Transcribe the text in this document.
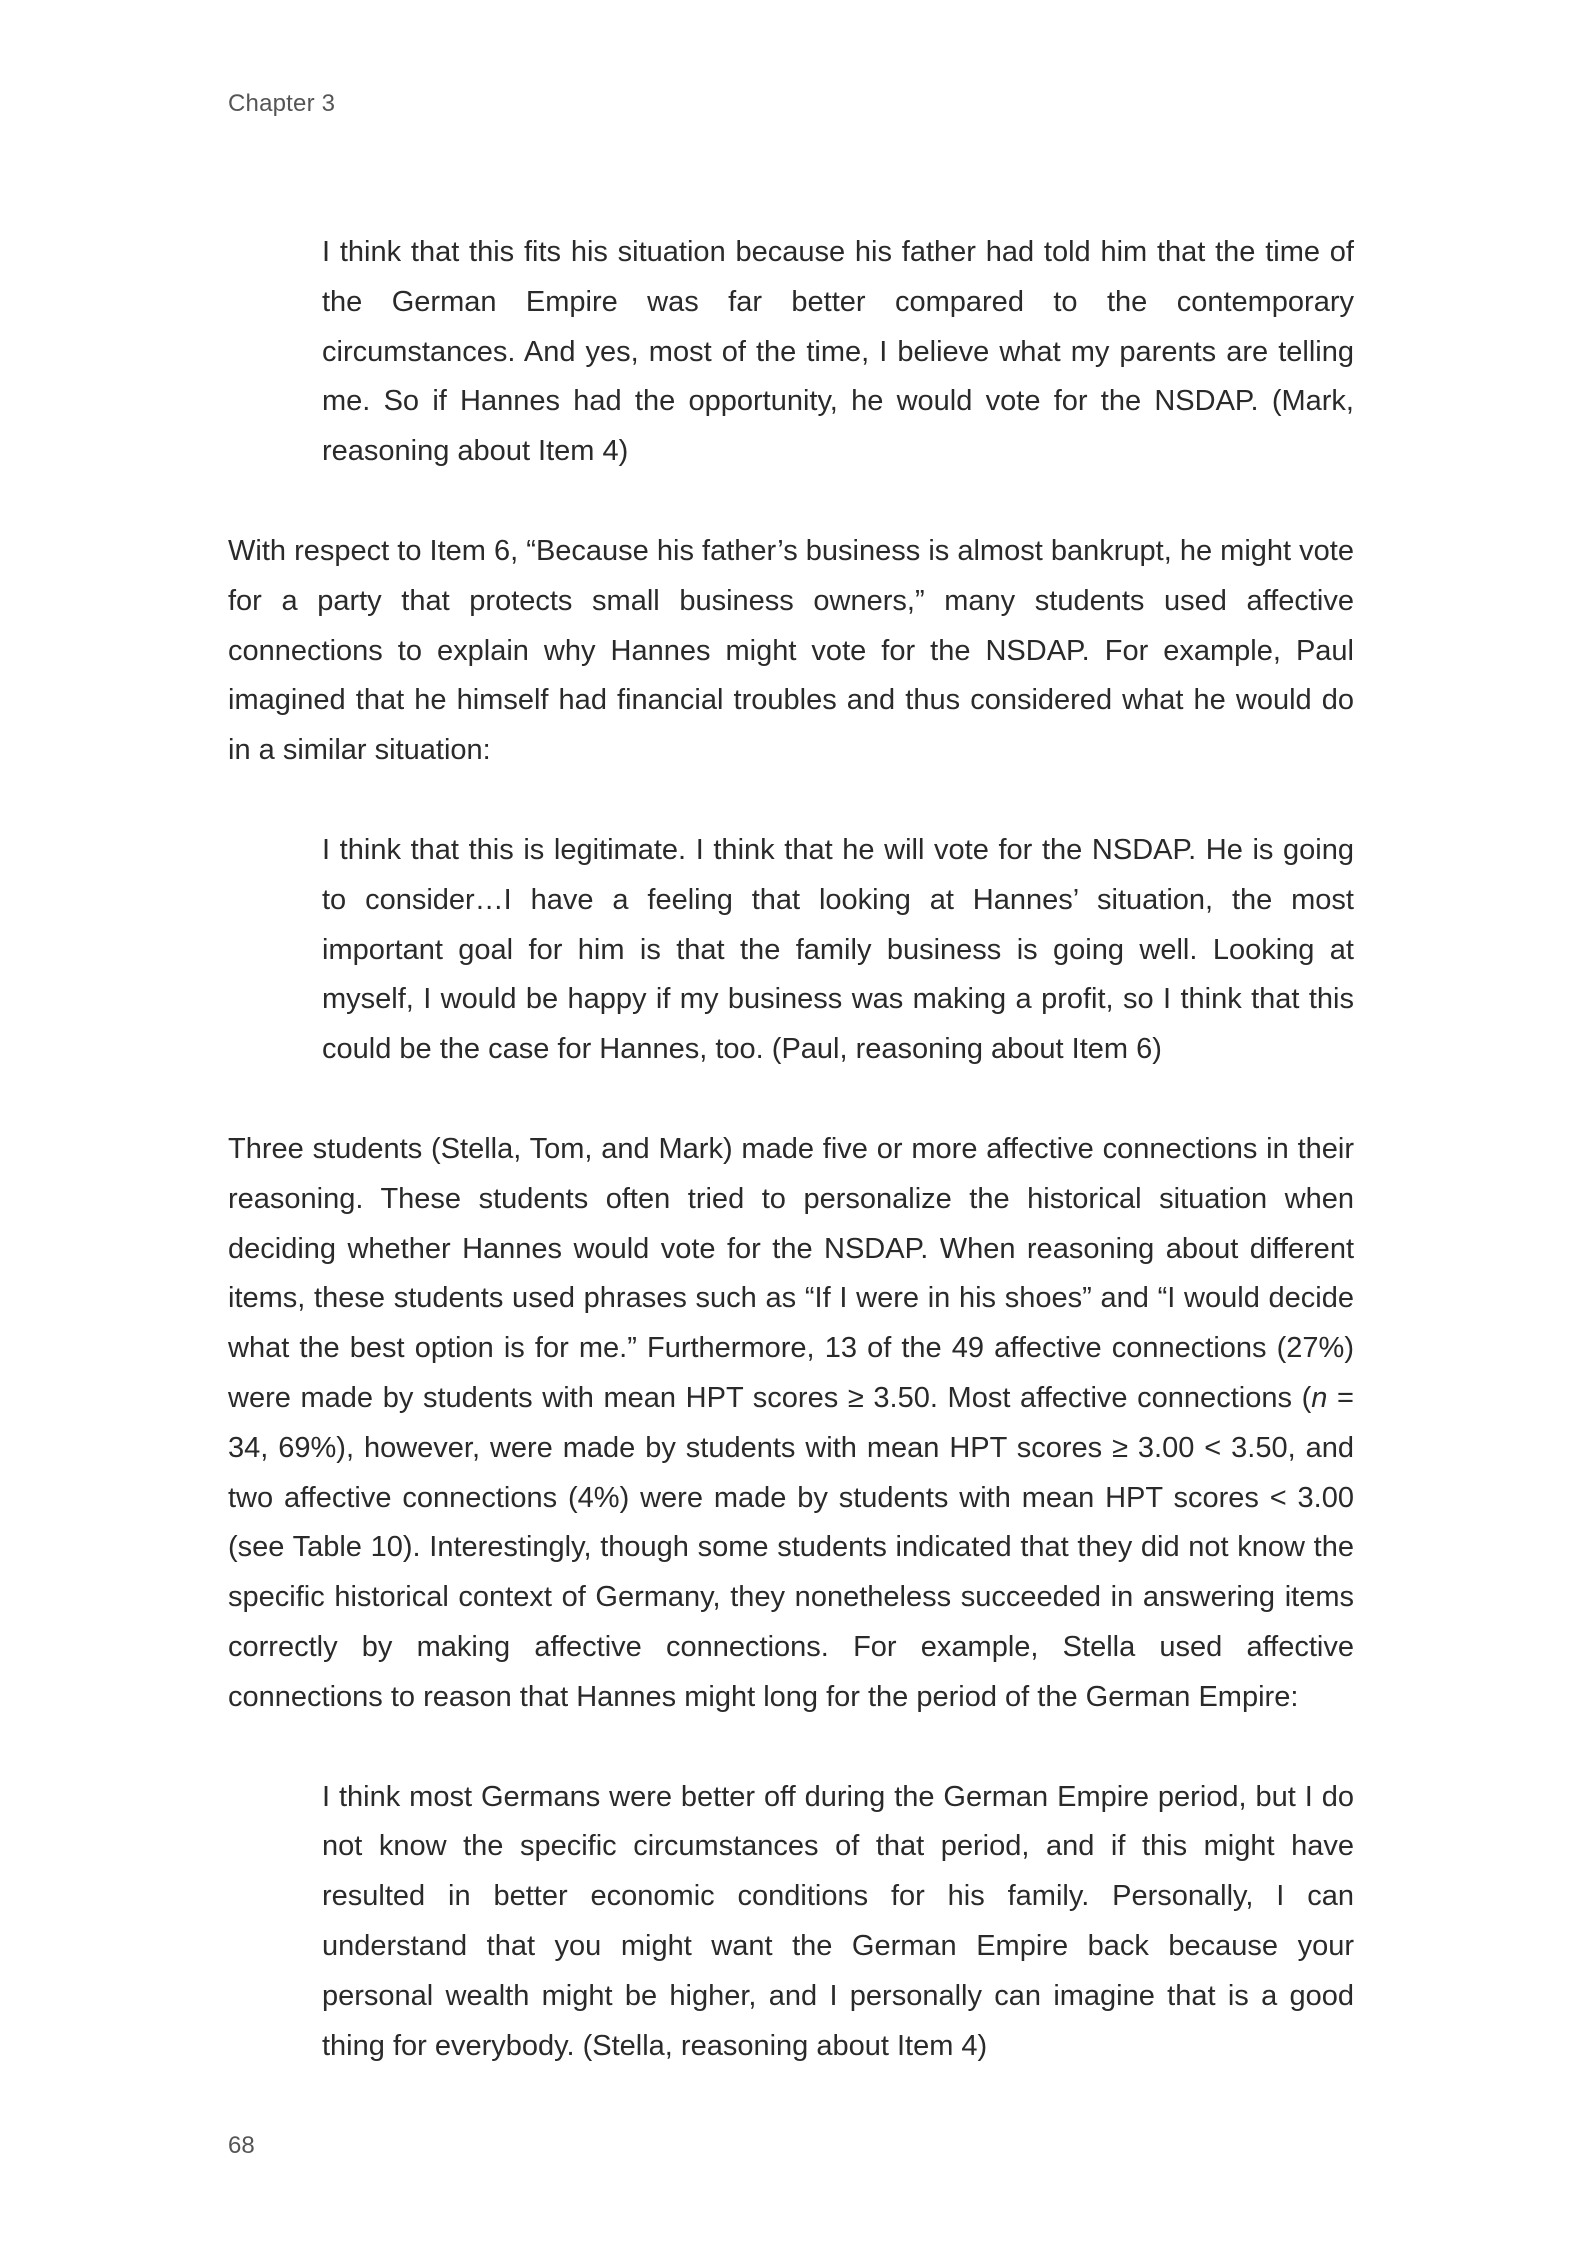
Chapter 3

I think that this fits his situation because his father had told him that the time of the German Empire was far better compared to the contemporary circumstances. And yes, most of the time, I believe what my parents are telling me. So if Hannes had the opportunity, he would vote for the NSDAP. (Mark, reasoning about Item 4)

With respect to Item 6, “Because his father’s business is almost bankrupt, he might vote for a party that protects small business owners,” many students used affective connections to explain why Hannes might vote for the NSDAP. For example, Paul imagined that he himself had financial troubles and thus considered what he would do in a similar situation:

I think that this is legitimate. I think that he will vote for the NSDAP. He is going to consider…I have a feeling that looking at Hannes’ situation, the most important goal for him is that the family business is going well. Looking at myself, I would be happy if my business was making a profit, so I think that this could be the case for Hannes, too. (Paul, reasoning about Item 6)

Three students (Stella, Tom, and Mark) made five or more affective connections in their reasoning. These students often tried to personalize the historical situation when deciding whether Hannes would vote for the NSDAP. When reasoning about different items, these students used phrases such as “If I were in his shoes” and “I would decide what the best option is for me.” Furthermore, 13 of the 49 affective connections (27%) were made by students with mean HPT scores ≥ 3.50. Most affective connections (n = 34, 69%), however, were made by students with mean HPT scores ≥ 3.00 < 3.50, and two affective connections (4%) were made by students with mean HPT scores < 3.00 (see Table 10). Interestingly, though some students indicated that they did not know the specific historical context of Germany, they nonetheless succeeded in answering items correctly by making affective connections. For example, Stella used affective connections to reason that Hannes might long for the period of the German Empire:

I think most Germans were better off during the German Empire period, but I do not know the specific circumstances of that period, and if this might have resulted in better economic conditions for his family. Personally, I can understand that you might want the German Empire back because your personal wealth might be higher, and I personally can imagine that is a good thing for everybody. (Stella, reasoning about Item 4)

68
